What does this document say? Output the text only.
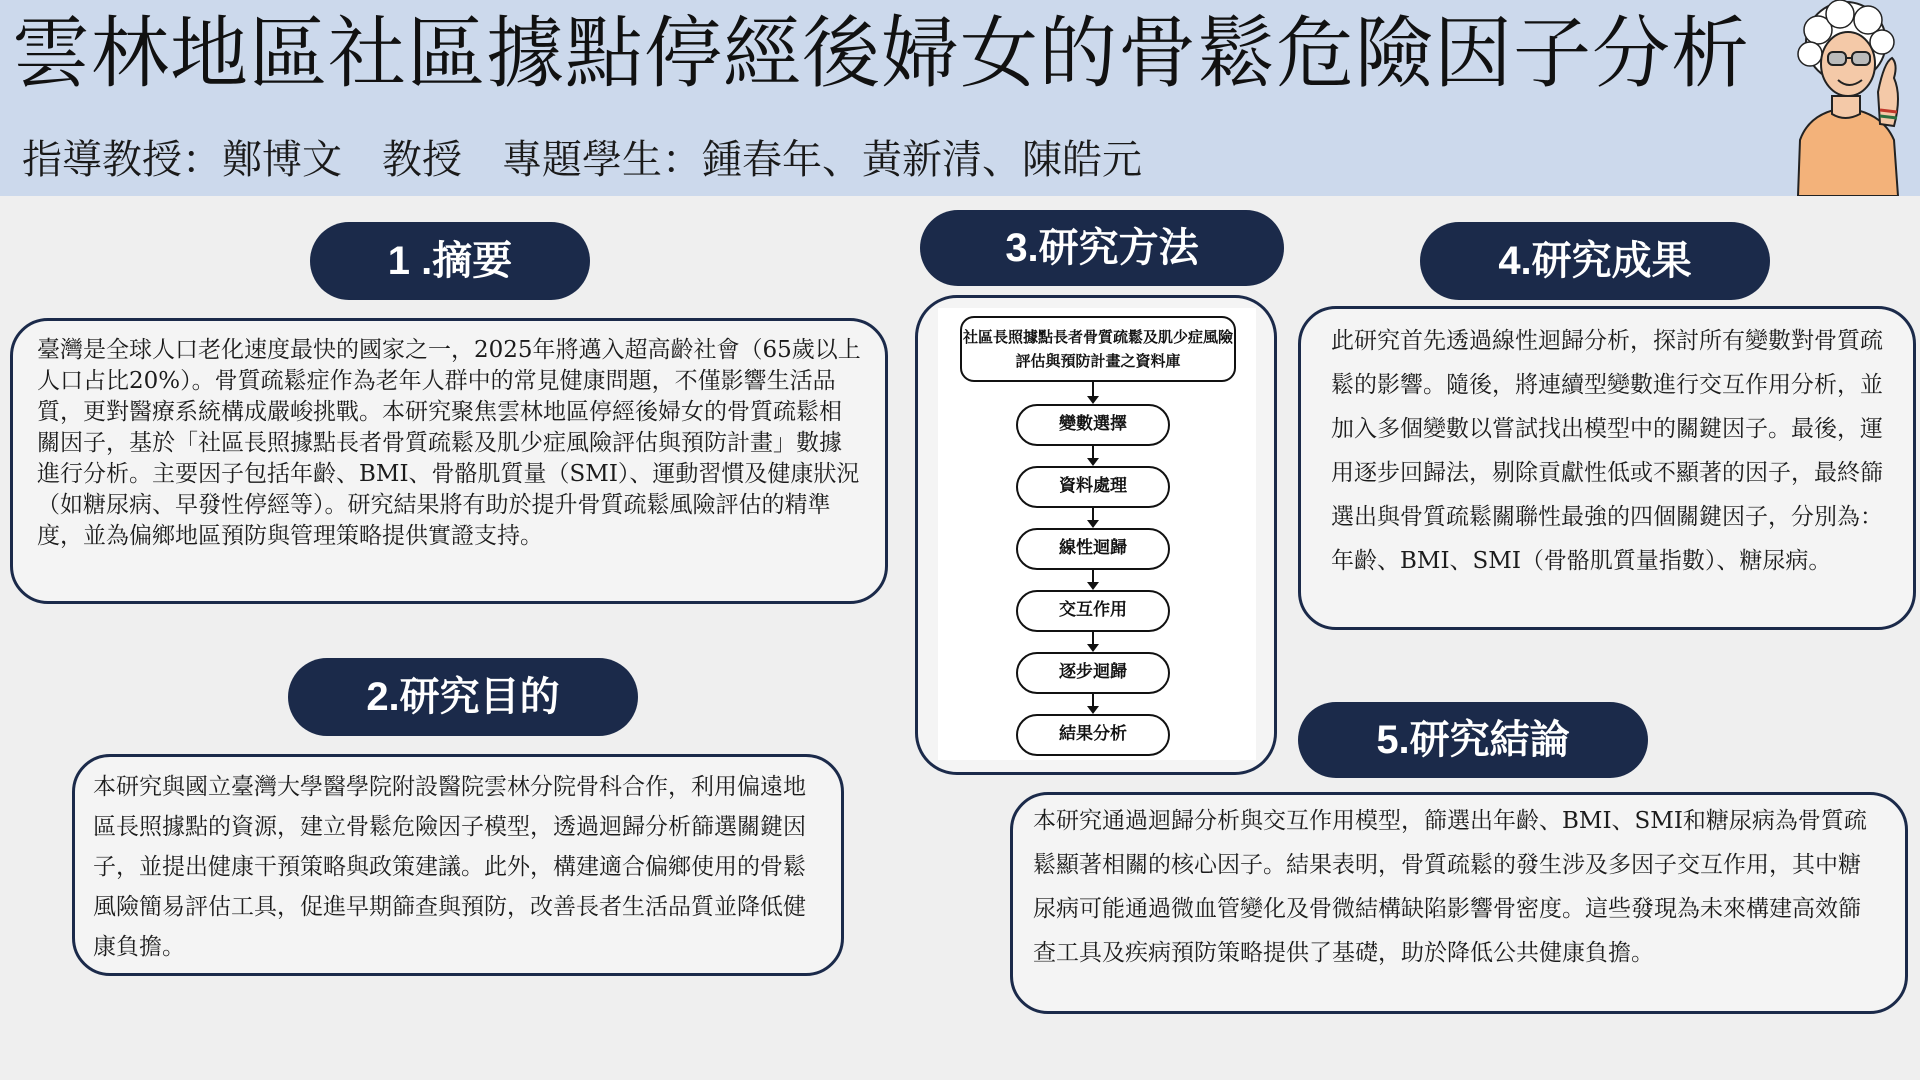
雲林地區社區據點停經後婦女的骨鬆危險因子分析
指導教授：鄭博文　教授　專題學生：鍾春年、黃新清、陳皓元
1 .摘要

臺灣是全球人口老化速度最快的國家之一，2025年將邁入超高齡社會（65歲以上人口占比20%）。骨質疏鬆症作為老年人群中的常見健康問題，不僅影響生活品質，更對醫療系統構成嚴峻挑戰。本研究聚焦雲林地區停經後婦女的骨質疏鬆相關因子，基於「社區長照據點長者骨質疏鬆及肌少症風險評估與預防計畫」數據進行分析。主要因子包括年齡、BMI、骨骼肌質量（SMI）、運動習慣及健康狀況（如糖尿病、早發性停經等）。研究結果將有助於提升骨質疏鬆風險評估的精準度，並為偏鄉地區預防與管理策略提供實證支持。

2.研究目的

本研究與國立臺灣大學醫學院附設醫院雲林分院骨科合作，利用偏遠地區長照據點的資源，建立骨鬆危險因子模型，透過迴歸分析篩選關鍵因子，並提出健康干預策略與政策建議。此外，構建適合偏鄉使用的骨鬆風險簡易評估工具，促進早期篩查與預防，改善長者生活品質並降低健康負擔。

3.研究方法
社區長照據點長者骨質疏鬆及肌少症風險評估與預防計畫之資料庫
變數選擇
資料處理
線性迴歸
交互作用
逐步迴歸
結果分析
4.研究成果

此研究首先透過線性迴歸分析，探討所有變數對骨質疏鬆的影響。隨後，將連續型變數進行交互作用分析，並加入多個變數以嘗試找出模型中的關鍵因子。最後，運用逐步回歸法，剔除貢獻性低或不顯著的因子，最終篩選出與骨質疏鬆關聯性最強的四個關鍵因子，分別為：年齡、BMI、SMI（骨骼肌質量指數）、糖尿病。

5.研究結論

本研究通過迴歸分析與交互作用模型，篩選出年齡、BMI、SMI和糖尿病為骨質疏鬆顯著相關的核心因子。結果表明，骨質疏鬆的發生涉及多因子交互作用，其中糖尿病可能通過微血管變化及骨微結構缺陷影響骨密度。這些發現為未來構建高效篩查工具及疾病預防策略提供了基礎，助於降低公共健康負擔。
